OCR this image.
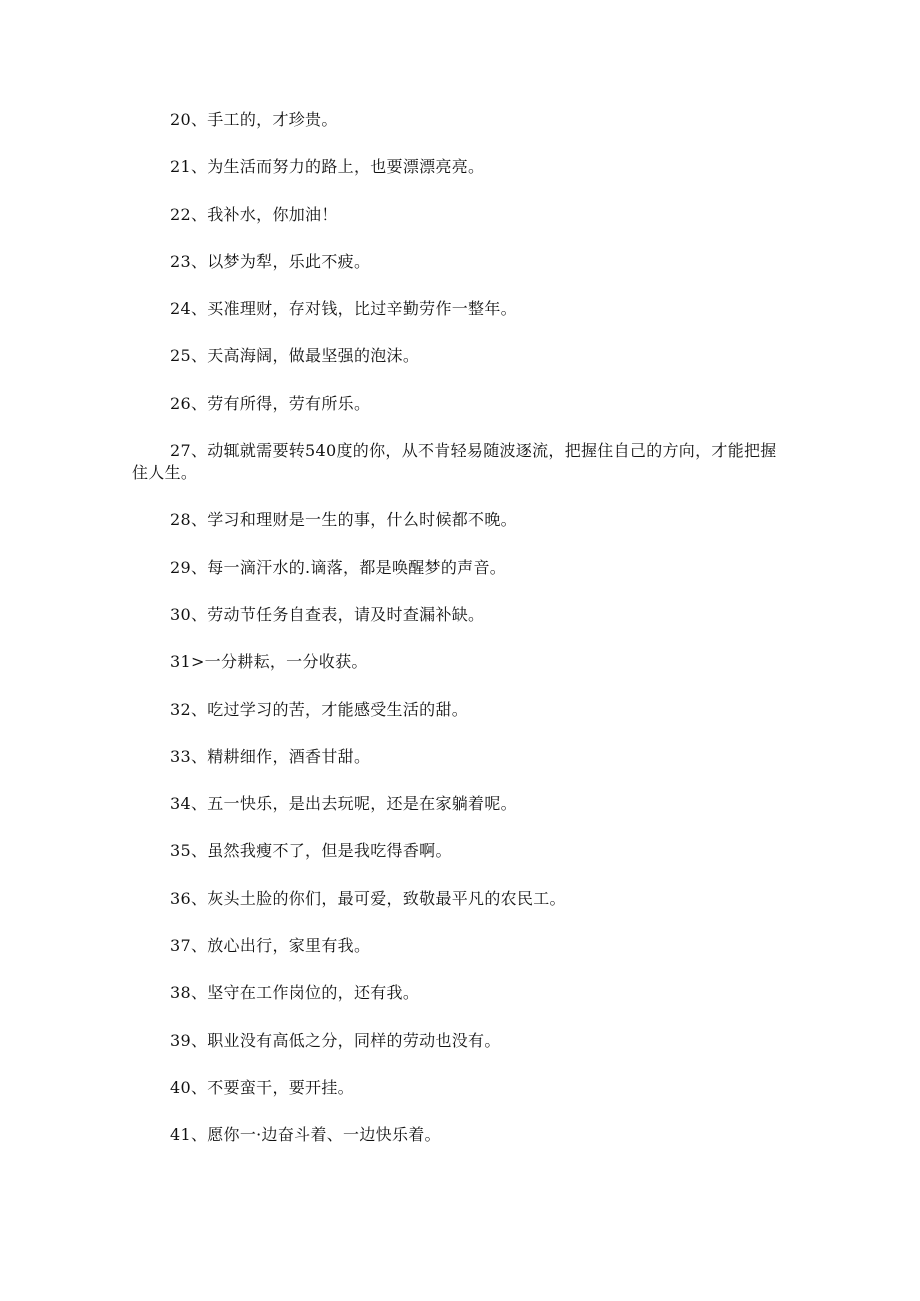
20、手工的，才珍贵。

21、为生活而努力的路上，也要漂漂亮亮。

22、我补水，你加油！

23、以梦为犁，乐此不疲。

24、买准理财，存对钱，比过辛勤劳作一整年。

25、天高海阔，做最坚强的泡沫。

26、劳有所得，劳有所乐。

27、动辄就需要转540度的你，从不肯轻易随波逐流，把握住自己的方向，才能把握住人生。

28、学习和理财是一生的事，什么时候都不晚。

29、每一滴汗水的.谪落，都是唤醒梦的声音。

30、劳动节任务自查表，请及时查漏补缺。

31>一分耕耘，一分收获。

32、吃过学习的苦，才能感受生活的甜。

33、精耕细作，酒香甘甜。

34、五一快乐，是出去玩呢，还是在家躺着呢。

35、虽然我瘦不了，但是我吃得香啊。

36、灰头土脸的你们，最可爱，致敬最平凡的农民工。

37、放心出行，家里有我。

38、坚守在工作岗位的，还有我。

39、职业没有高低之分，同样的劳动也没有。

40、不要蛮干，要开挂。

41、愿你一·边奋斗着、一边快乐着。
